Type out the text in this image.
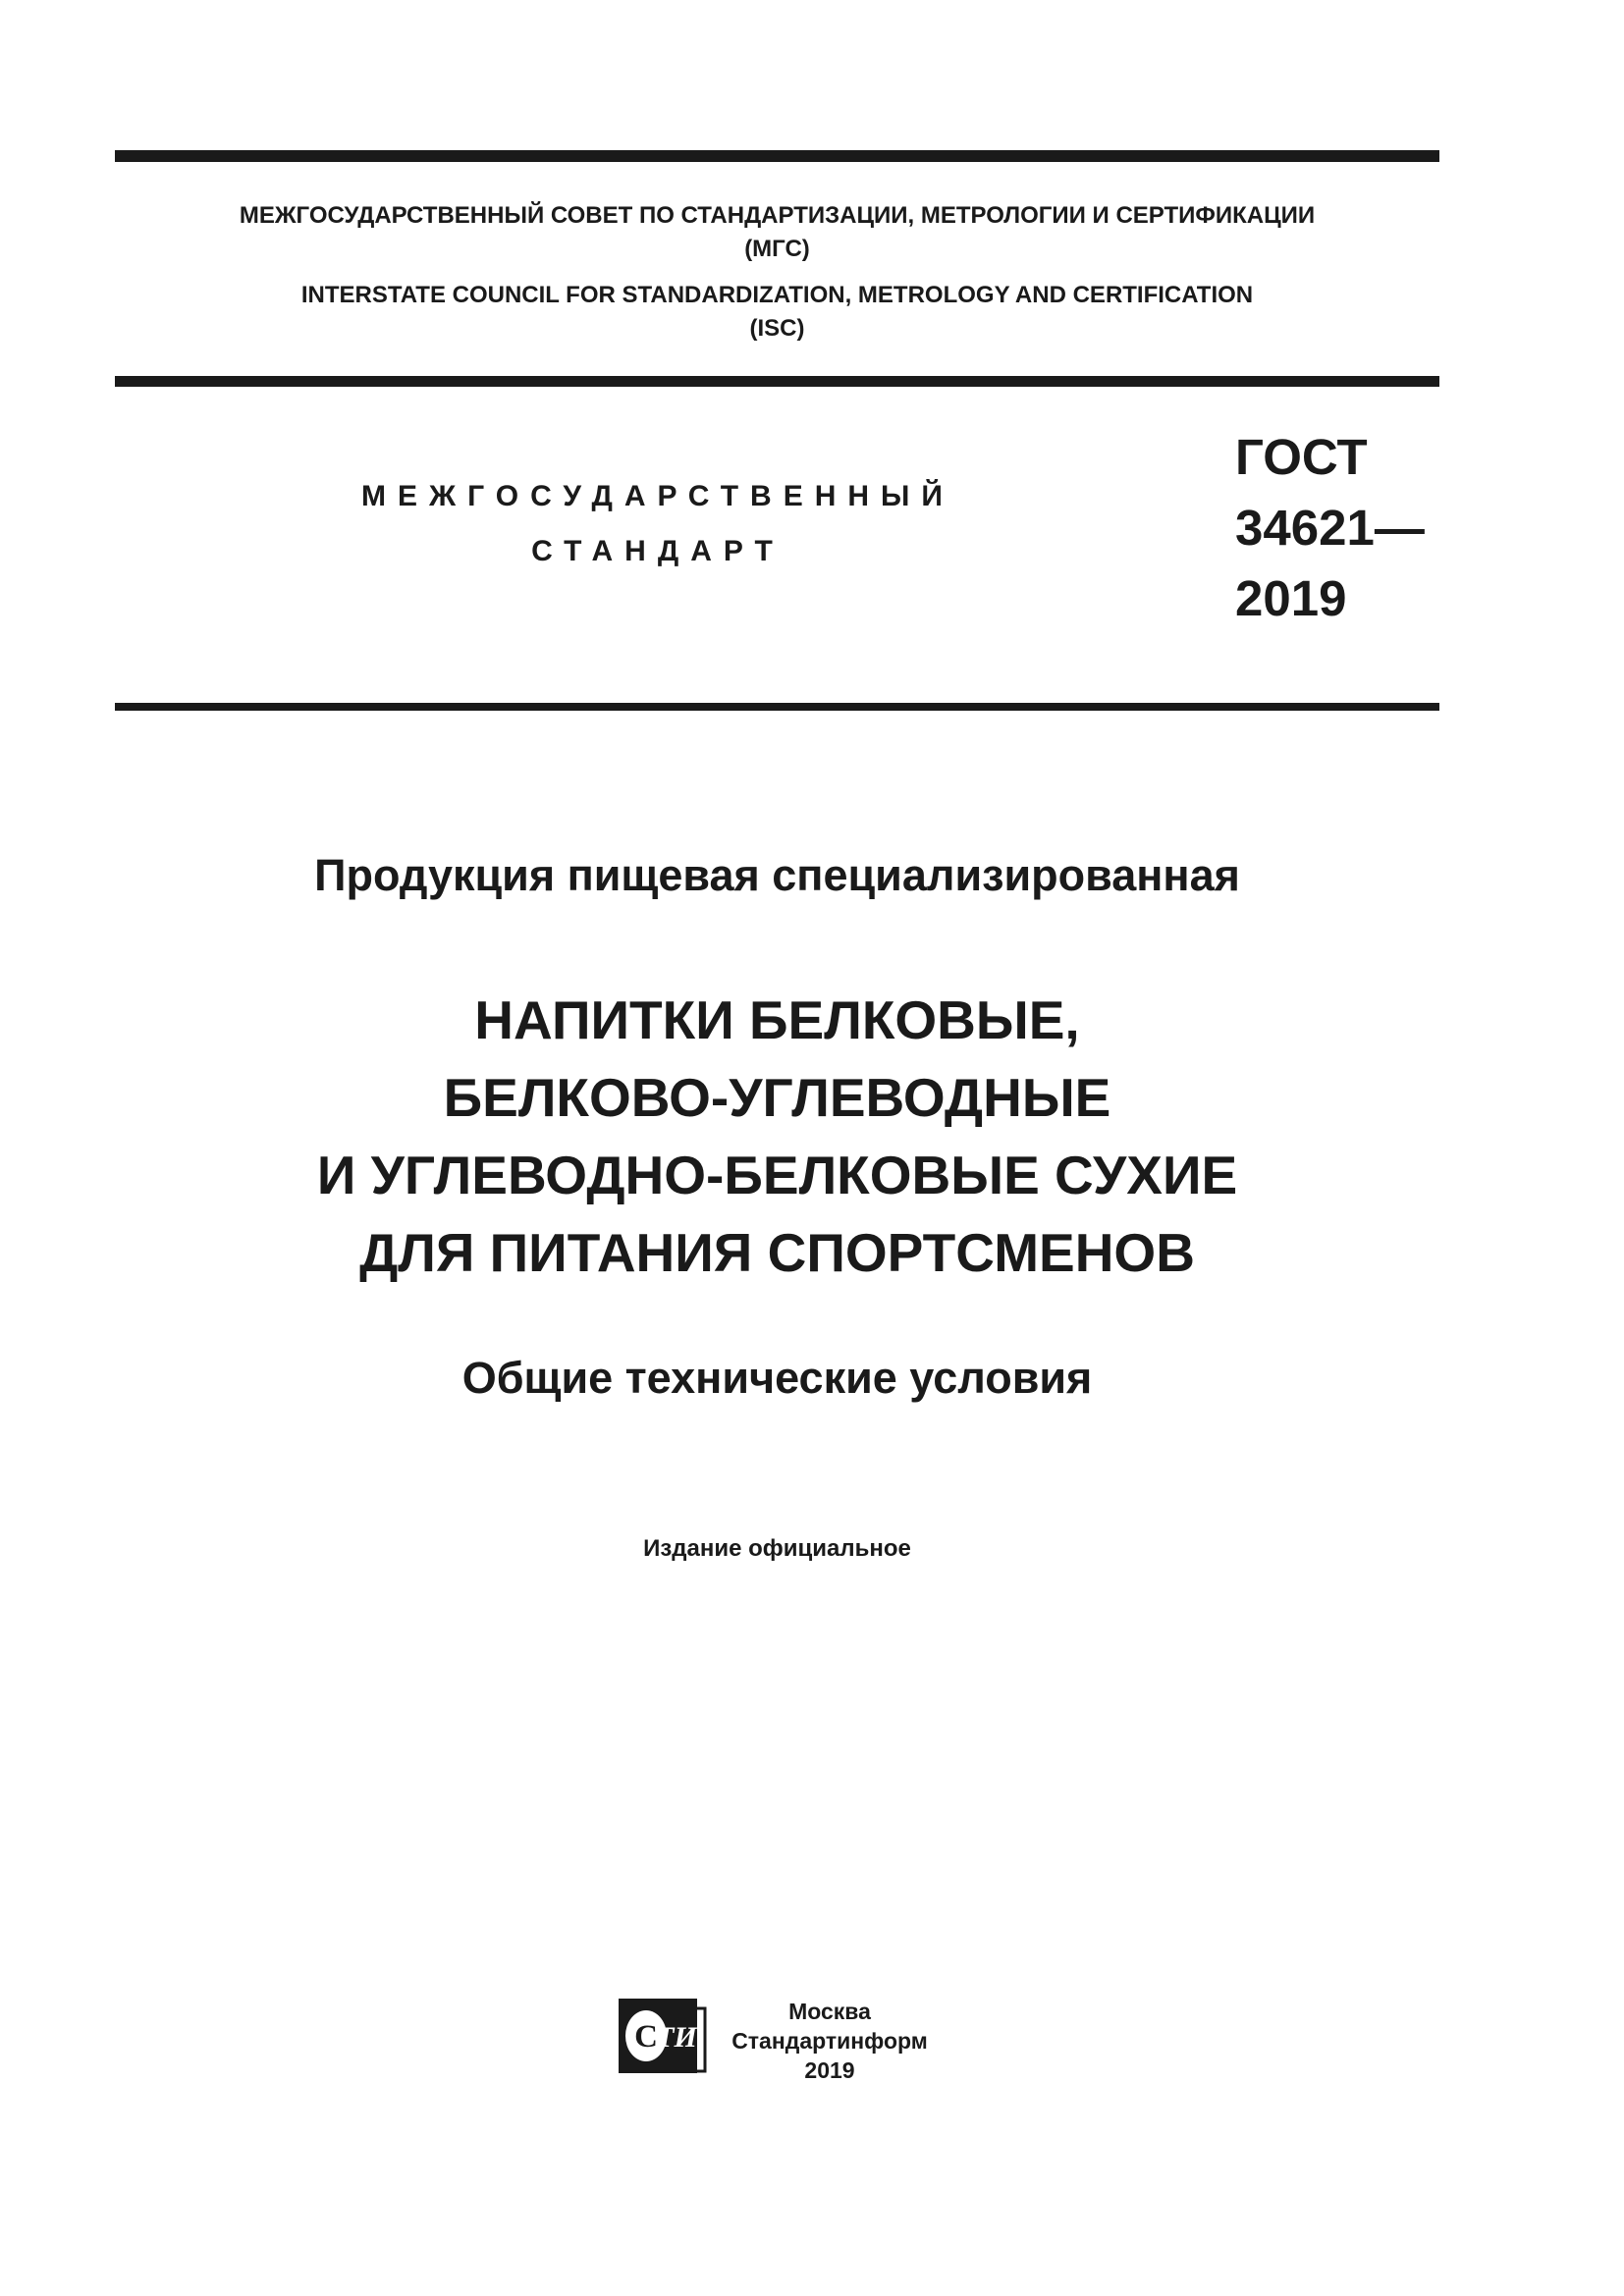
МЕЖГОСУДАРСТВЕННЫЙ СОВЕТ ПО СТАНДАРТИЗАЦИИ, МЕТРОЛОГИИ И СЕРТИФИКАЦИИ
(МГС)
INTERSTATE COUNCIL FOR STANDARDIZATION, METROLOGY AND CERTIFICATION
(ISC)
МЕЖГОСУДАРСТВЕННЫЙ
СТАНДАРТ
ГОСТ
34621—
2019
Продукция пищевая специализированная
НАПИТКИ БЕЛКОВЫЕ,
БЕЛКОВО-УГЛЕВОДНЫЕ
И УГЛЕВОДНО-БЕЛКОВЫЕ СУХИЕ
ДЛЯ ПИТАНИЯ СПОРТСМЕНОВ
Общие технические условия
Издание официальное
С
ТИ
Москва
Стандартинформ
2019
